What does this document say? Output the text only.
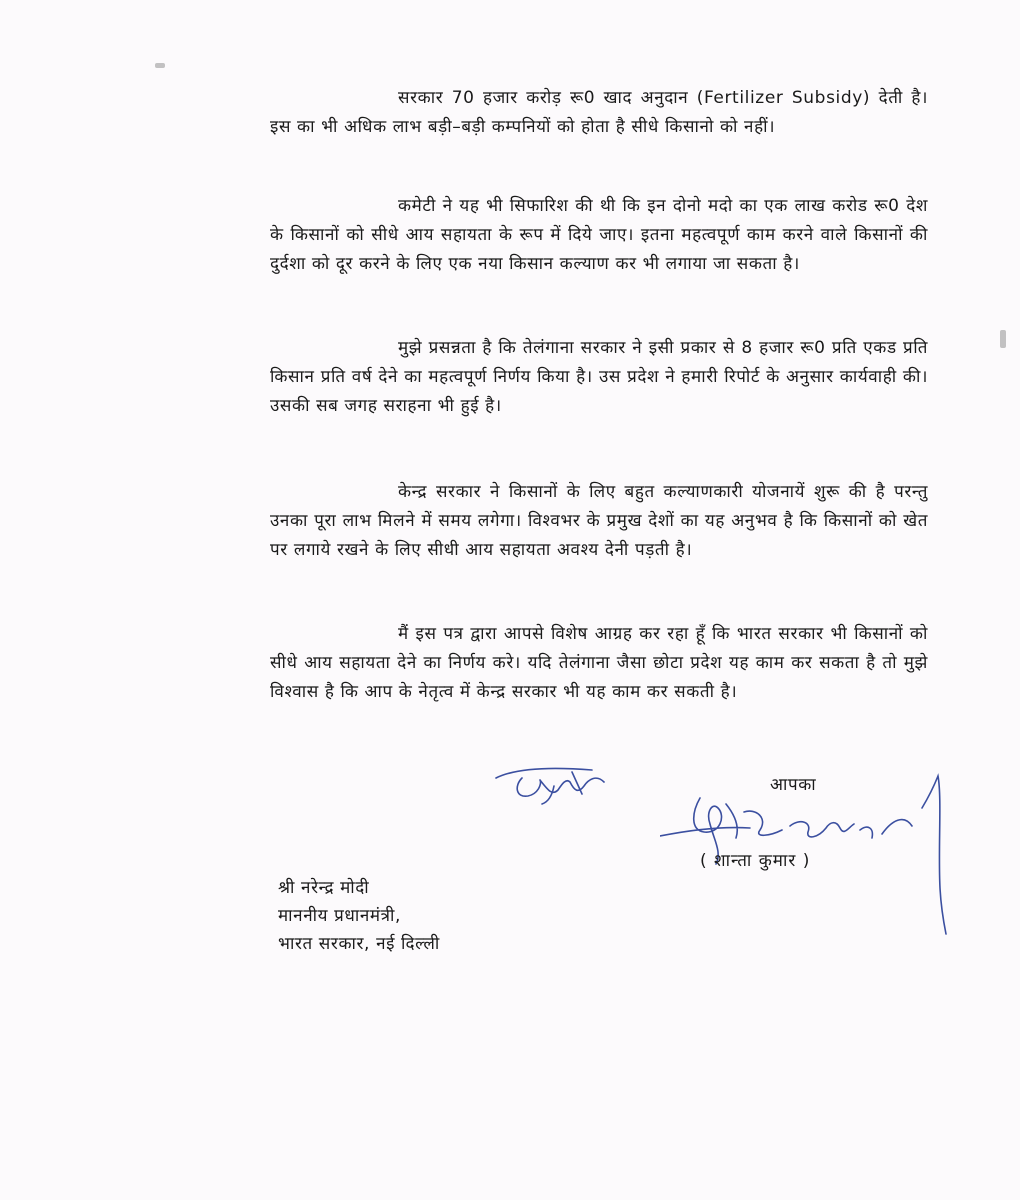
सरकार 70 हजार करोड़ रू0 खाद अनुदान (Fertilizer Subsidy) देती है। इस का भी अधिक लाभ बड़ी–बड़ी कम्पनियों को होता है सीधे किसानो को नहीं।

कमेटी ने यह भी सिफारिश की थी कि इन दोनो मदो का एक लाख करोड रू0 देश के किसानों को सीधे आय सहायता के रूप में दिये जाए। इतना महत्वपूर्ण काम करने वाले किसानों की दुर्दशा को दूर करने के लिए एक नया किसान कल्याण कर भी लगाया जा सकता है।

मुझे प्रसन्नता है कि तेलंगाना सरकार ने इसी प्रकार से 8 हजार रू0 प्रति एकड प्रति किसान प्रति वर्ष देने का महत्वपूर्ण निर्णय किया है। उस प्रदेश ने हमारी रिपोर्ट के अनुसार कार्यवाही की। उसकी सब जगह सराहना भी हुई है।

केन्द्र सरकार ने किसानों के लिए बहुत कल्याणकारी योजनायें शुरू की है परन्तु उनका पूरा लाभ मिलने में समय लगेगा। विश्वभर के प्रमुख देशों का यह अनुभव है कि किसानों को खेत पर लगाये रखने के लिए सीधी आय सहायता अवश्य देनी पड़ती है।

मैं इस पत्र द्वारा आपसे विशेष आग्रह कर रहा हूँ कि भारत सरकार भी किसानों को सीधे आय सहायता देने का निर्णय करे। यदि तेलंगाना जैसा छोटा प्रदेश यह काम कर सकता है तो मुझे विश्वास है कि आप के नेतृत्व में केन्द्र सरकार भी यह काम कर सकती है।

आपका
( शान्ता कुमार )
श्री नरेन्द्र मोदी
माननीय प्रधानमंत्री,
भारत सरकार, नई दिल्ली
